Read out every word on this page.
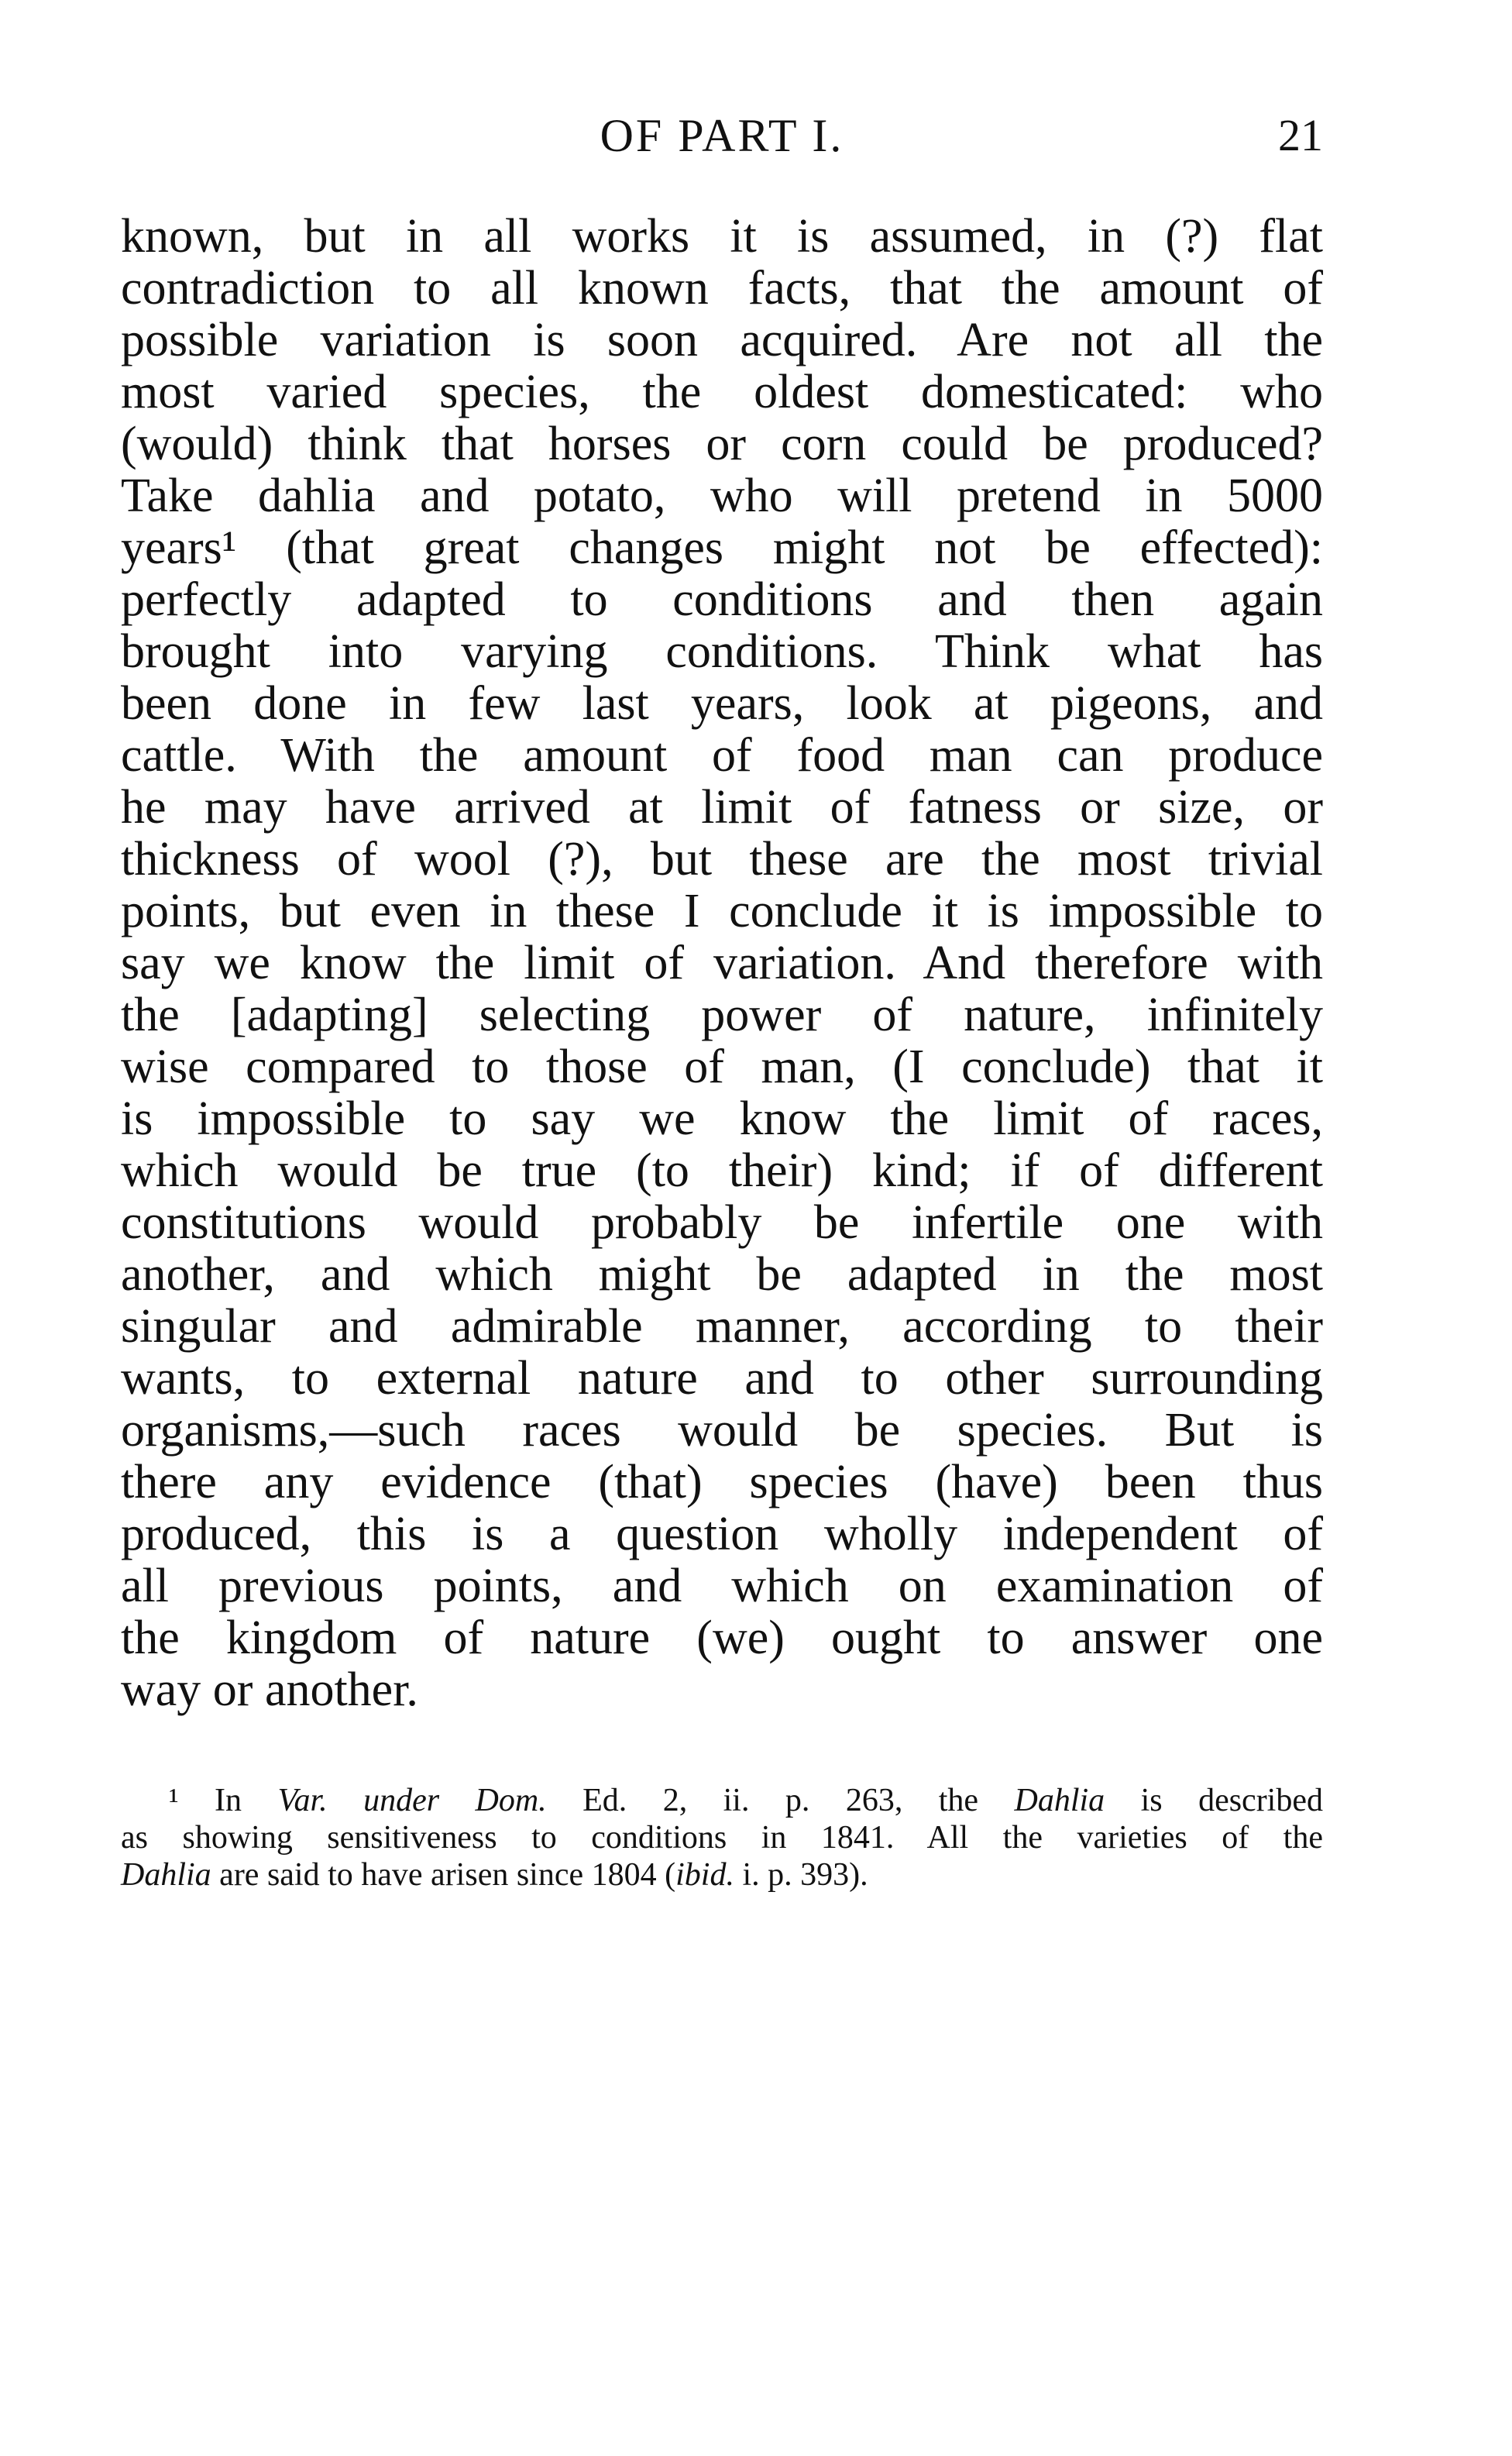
OF PART I.	21
known, but in all works it is assumed, in (?) flat
contradiction to all known facts, that the amount of
possible variation is soon acquired. Are not all the
most varied species, the oldest domesticated: who
(would) think that horses or corn could be produced?
Take dahlia and potato, who will pretend in 5000
years¹ (that great changes might not be effected):
perfectly adapted to conditions and then again
brought into varying conditions. Think what has
been done in few last years, look at pigeons, and
cattle. With the amount of food man can produce
he may have arrived at limit of fatness or size, or
thickness of wool (?), but these are the most trivial
points, but even in these I conclude it is impossible to
say we know the limit of variation. And therefore with
the [adapting] selecting power of nature, infinitely
wise compared to those of man, (I conclude) that it
is impossible to say we know the limit of races,
which would be true (to their) kind; if of different
constitutions would probably be infertile one with
another, and which might be adapted in the most
singular and admirable manner, according to their
wants, to external nature and to other surrounding
organisms,—such races would be species. But is
there any evidence (that) species (have) been thus
produced, this is a question wholly independent of
all previous points, and which on examination of
the kingdom of nature (we) ought to answer one
way or another.
¹ In Var. under Dom. Ed. 2, ii. p. 263, the Dahlia is described
as showing sensitiveness to conditions in 1841. All the varieties of the
Dahlia are said to have arisen since 1804 (ibid. i. p. 393).
